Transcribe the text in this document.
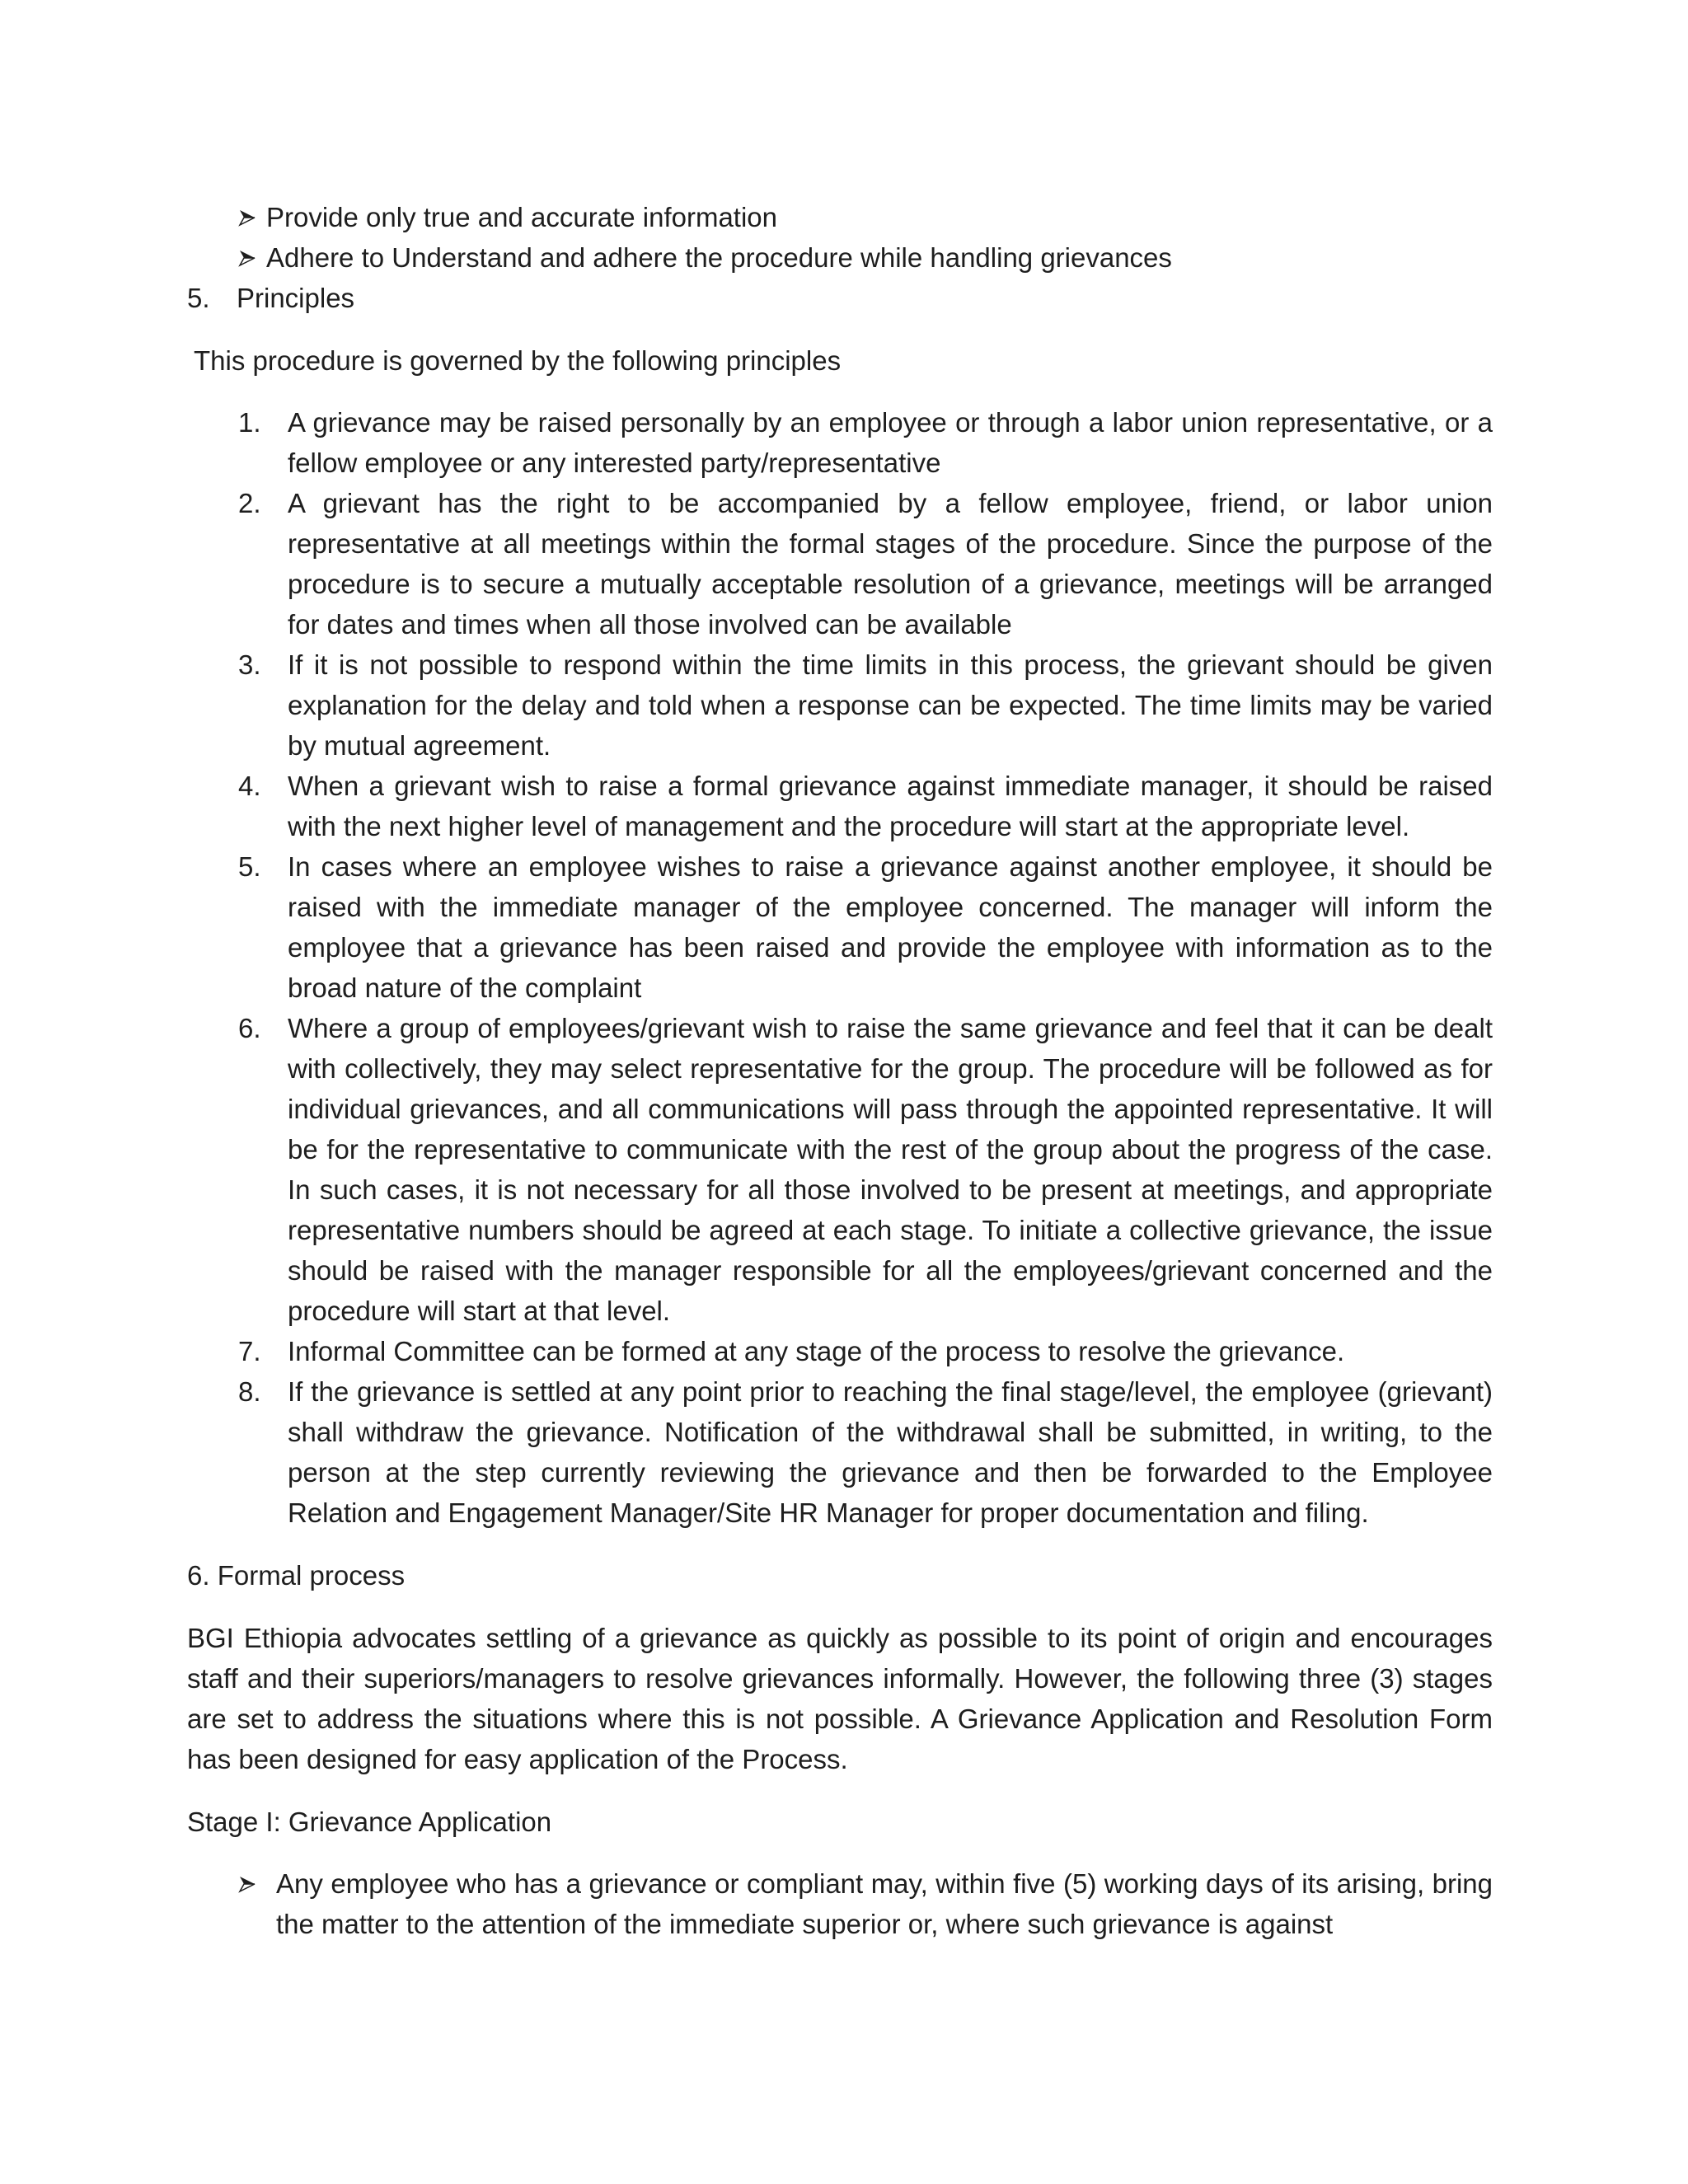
Provide only true and accurate information
Adhere to Understand and adhere the procedure while handling grievances
5. Principles
This procedure is governed by the following principles
1. A grievance may be raised personally by an employee or through a labor union representative, or a fellow employee or any interested party/representative
2. A grievant has the right to be accompanied by a fellow employee, friend, or labor union representative at all meetings within the formal stages of the procedure. Since the purpose of the procedure is to secure a mutually acceptable resolution of a grievance, meetings will be arranged for dates and times when all those involved can be available
3. If it is not possible to respond within the time limits in this process, the grievant should be given explanation for the delay and told when a response can be expected. The time limits may be varied by mutual agreement.
4. When a grievant wish to raise a formal grievance against immediate manager, it should be raised with the next higher level of management and the procedure will start at the appropriate level.
5. In cases where an employee wishes to raise a grievance against another employee, it should be raised with the immediate manager of the employee concerned. The manager will inform the employee that a grievance has been raised and provide the employee with information as to the broad nature of the complaint
6. Where a group of employees/grievant wish to raise the same grievance and feel that it can be dealt with collectively, they may select representative for the group. The procedure will be followed as for individual grievances, and all communications will pass through the appointed representative. It will be for the representative to communicate with the rest of the group about the progress of the case. In such cases, it is not necessary for all those involved to be present at meetings, and appropriate representative numbers should be agreed at each stage. To initiate a collective grievance, the issue should be raised with the manager responsible for all the employees/grievant concerned and the procedure will start at that level.
7. Informal Committee can be formed at any stage of the process to resolve the grievance.
8. If the grievance is settled at any point prior to reaching the final stage/level, the employee (grievant) shall withdraw the grievance. Notification of the withdrawal shall be submitted, in writing, to the person at the step currently reviewing the grievance and then be forwarded to the Employee Relation and Engagement Manager/Site HR Manager for proper documentation and filing.
6. Formal process
BGI Ethiopia advocates settling of a grievance as quickly as possible to its point of origin and encourages staff and their superiors/managers to resolve grievances informally. However, the following three (3) stages are set to address the situations where this is not possible. A Grievance Application and Resolution Form has been designed for easy application of the Process.
Stage I: Grievance Application
Any employee who has a grievance or compliant may, within five (5) working days of its arising, bring the matter to the attention of the immediate superior or, where such grievance is against
